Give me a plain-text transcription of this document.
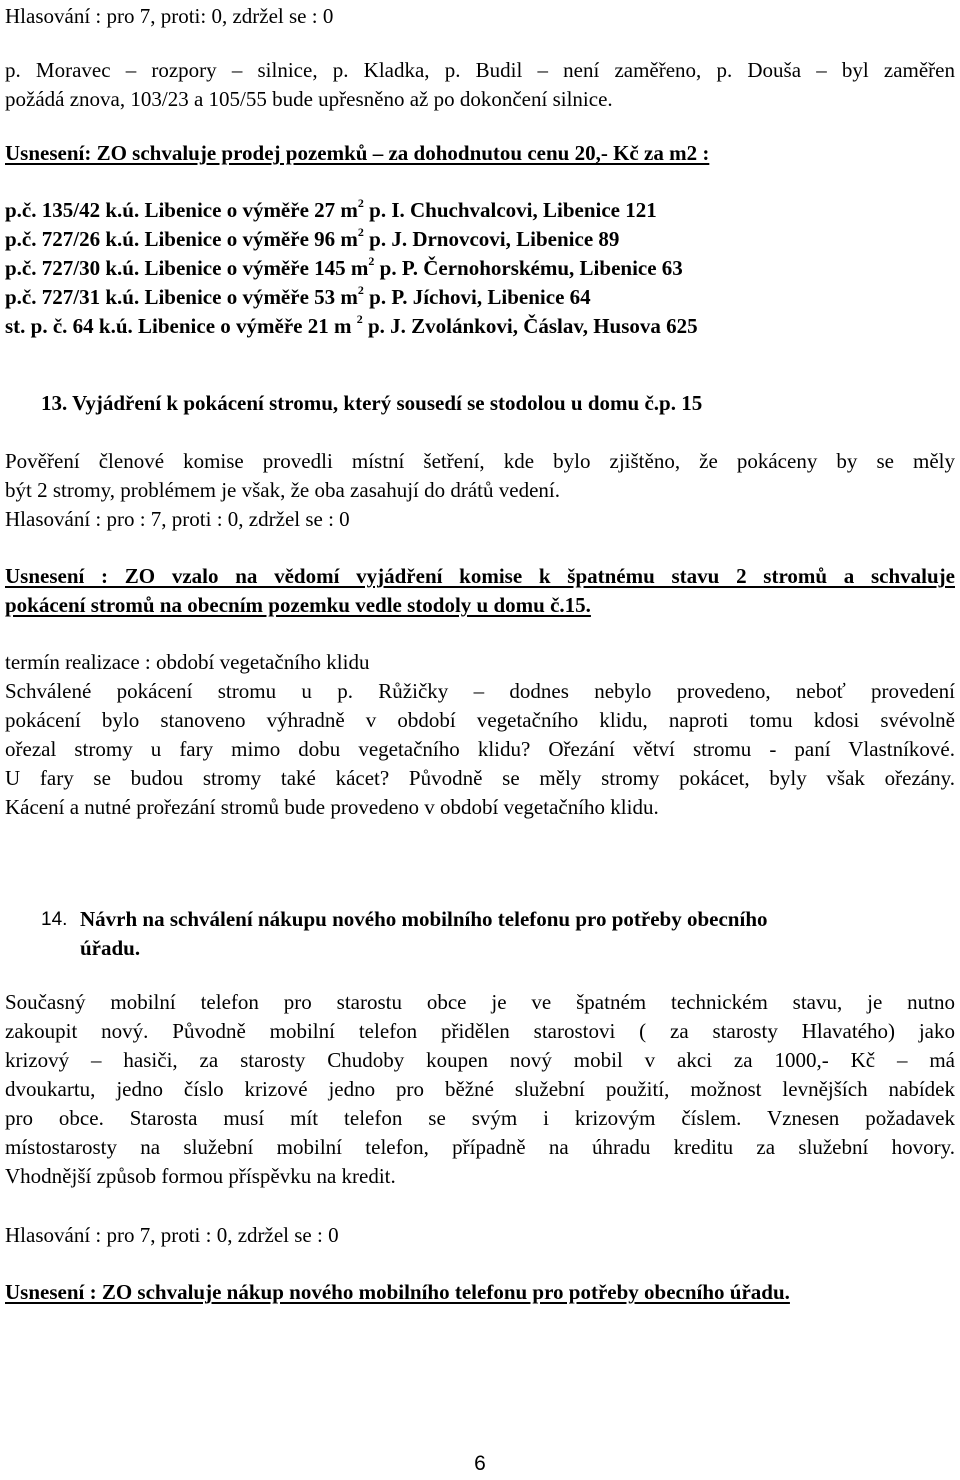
Hlasování : pro 7, proti: 0, zdržel se : 0
p. Moravec – rozpory – silnice, p. Kladka, p. Budil – není zaměřeno, p. Douša – byl zaměřen
požádá znova, 103/23 a 105/55 bude upřesněno až po dokončení silnice.
Usnesení: ZO schvaluje prodej pozemků – za dohodnutou cenu 20,- Kč za m2 :
p.č. 135/42 k.ú. Libenice o výměře 27 $m^2$ p. I. Chuchvalcovi, Libenice 121
p.č. 727/26 k.ú. Libenice o výměře 96 $m^2$ p. J. Drnovcovi, Libenice 89
p.č. 727/30 k.ú. Libenice o výměře 145 $m^2$ p. P. Černohorskému, Libenice 63
p.č. 727/31 k.ú. Libenice o výměře 53 $m^2$ p. P. Jíchovi, Libenice 64
st. p. č. 64 k.ú. Libenice o výměře 21 m $^2$ p. J. Zvolánkovi, Čáslav, Husova 625
13. Vyjádření k pokácení stromu, který sousedí se stodolou u domu č.p. 15
Pověření členové komise provedli místní šetření, kde bylo zjištěno, že pokáceny by se měly
být 2 stromy, problémem je však, že oba zasahují do drátů vedení.
Hlasování : pro : 7, proti : 0, zdržel se : 0
Usnesení : ZO vzalo na vědomí vyjádření komise k špatnému stavu 2 stromů a schvaluje
pokácení stromů na obecním pozemku vedle stodoly u domu č.15.
termín realizace : období vegetačního klidu
Schválené pokácení stromu u p. Růžičky – dodnes nebylo provedeno, neboť provedení
pokácení bylo stanoveno výhradně v období vegetačního klidu, naproti tomu kdosi svévolně
ořezal stromy u fary mimo dobu vegetačního klidu? Ořezání větví stromu - paní Vlastníkové.
U fary se budou stromy také kácet? Původně se měly stromy pokácet, byly však ořezány.
Kácení a nutné prořezání stromů bude provedeno v období vegetačního klidu.
14. Návrh na schválení nákupu nového mobilního telefonu pro potřeby obecního
úřadu.
Současný mobilní telefon pro starostu obce je ve špatném technickém stavu, je nutno
zakoupit nový. Původně mobilní telefon přidělen starostovi ( za starosty Hlavatého) jako
krizový – hasiči, za starosty Chudoby koupen nový mobil v akci za 1000,- Kč – má
dvoukartu, jedno číslo krizové jedno pro běžné služební použití, možnost levnějších nabídek
pro obce. Starosta musí mít telefon se svým i krizovým číslem. Vznesen požadavek
místostarosty na služební mobilní telefon, případně na úhradu kreditu za služební hovory.
Vhodnější způsob formou příspěvku na kredit.
Hlasování : pro 7, proti : 0, zdržel se : 0
Usnesení : ZO schvaluje nákup nového mobilního telefonu pro potřeby obecního úřadu.
6
